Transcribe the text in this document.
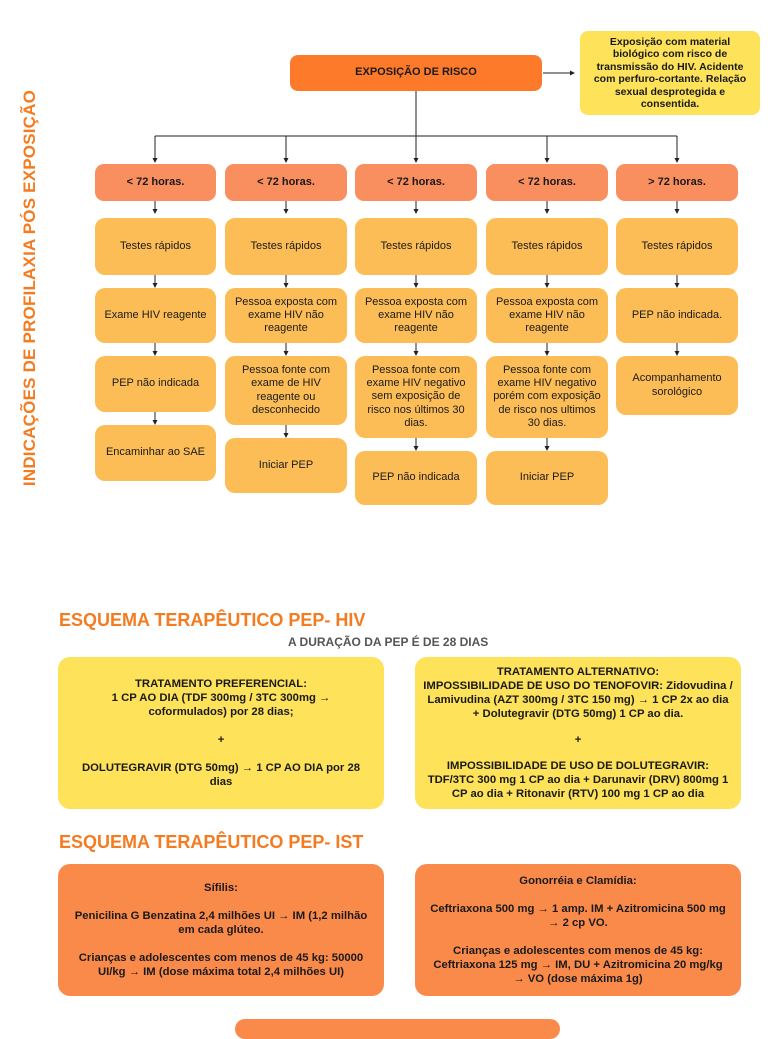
INDICAÇÕES DE PROFILAXIA PÓS EXPOSIÇÃO
EXPOSIÇÃO DE RISCO
Exposição com material biológico com risco de transmissão do HIV. Acidente com perfuro-cortante. Relação sexual desprotegida e consentida.
< 72 horas.	< 72 horas.	< 72 horas.	< 72 horas.	> 72 horas.
Testes rápidos
Exame HIV reagente
PEP não indicada
Encaminhar ao SAE
Testes rápidos
Pessoa exposta com exame HIV não reagente
Pessoa fonte com exame de HIV reagente ou desconhecido
Iniciar PEP
Testes rápidos
Pessoa exposta com exame HIV não reagente
Pessoa fonte com exame HIV negativo sem exposição de risco nos últimos 30 dias.
PEP não indicada
Testes rápidos
Pessoa exposta com exame HIV não reagente
Pessoa fonte com exame HIV negativo porém com exposição de risco nos ultimos 30 dias.
Iniciar PEP
Testes rápidos
PEP não indicada.
Acompanhamento sorológico
ESQUEMA TERAPÊUTICO PEP- HIV
A DURAÇÃO DA PEP É DE 28 DIAS

TRATAMENTO PREFERENCIAL:

1 CP AO DIA (TDF 300mg / 3TC 300mg → coformulados) por 28 dias;

+

DOLUTEGRAVIR (DTG 50mg) → 1 CP AO DIA por 28 dias

TRATAMENTO ALTERNATIVO:

IMPOSSIBILIDADE DE USO DO TENOFOVIR: Zidovudina / Lamivudina (AZT 300mg / 3TC 150 mg) → 1 CP 2x ao dia + Dolutegravir (DTG 50mg) 1 CP ao dia.

+

IMPOSSIBILIDADE DE USO DE DOLUTEGRAVIR: TDF/3TC 300 mg 1 CP ao dia + Darunavir (DRV) 800mg 1 CP ao dia + Ritonavir (RTV) 100 mg 1 CP ao dia

ESQUEMA TERAPÊUTICO PEP- IST

Sífilis:

Penicilina G Benzatina 2,4 milhões UI → IM (1,2 milhão em cada glúteo.

Crianças e adolescentes com menos de 45 kg: 50000 UI/kg → IM (dose máxima total 2,4 milhões UI)

Gonorréia e Clamídia:

Ceftriaxona 500 mg → 1 amp. IM + Azitromicina 500 mg → 2 cp VO.

Crianças e adolescentes com menos de 45 kg: Ceftriaxona 125 mg → IM, DU + Azitromicina 20 mg/kg → VO (dose máxima 1g)
